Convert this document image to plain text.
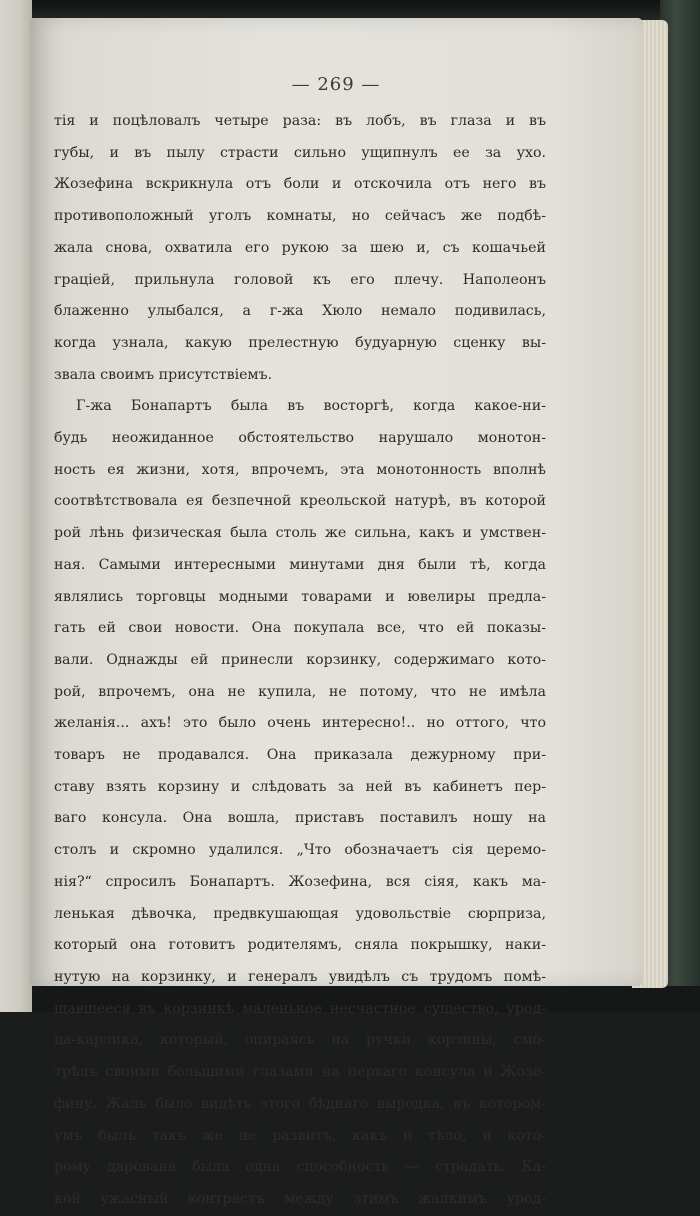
— 269 —
тія и поцѣловалъ четыре раза: въ лобъ, въ глаза и въ
губы, и въ пылу страсти сильно ущипнулъ ее за ухо.
Жозефина вскрикнула отъ боли и отскочила отъ него въ
противоположный уголъ комнаты, но сейчасъ же подбѣ-
жала снова, охватила его рукою за шею и, съ кошачьей
граціей, прильнула головой къ его плечу. Наполеонъ
блаженно улыбался, а г-жа Хюло немало подивилась,
когда узнала, какую прелестную будуарную сценку вы-
звала своимъ присутствіемъ.
Г-жа Бонапартъ была въ восторгѣ, когда какое-ни-
будь неожиданное обстоятельство нарушало монотон-
ность ея жизни, хотя, впрочемъ, эта монотонность вполнѣ
соотвѣтствовала ея безпечной креольской натурѣ, въ которой
рой лѣнь физическая была столь же сильна, какъ и умствен-
ная. Самыми интересными минутами дня были тѣ, когда
являлись торговцы модными товарами и ювелиры предла-
гать ей свои новости. Она покупала все, что ей показы-
вали. Однажды ей принесли корзинку, содержимаго кото-
рой, впрочемъ, она не купила, не потому, что не имѣла
желанія... ахъ! это было очень интересно!.. но оттого, что
товаръ не продавался. Она приказала дежурному при-
ставу взять корзину и слѣдовать за ней въ кабинетъ пер-
ваго консула. Она вошла, приставъ поставилъ ношу на
столъ и скромно удалился. „Что обозначаетъ сія церемо-
нія?“ спросилъ Бонапартъ. Жозефина, вся сіяя, какъ ма-
ленькая дѣвочка, предвкушающая удовольствіе сюрприза,
который она готовитъ родителямъ, сняла покрышку, наки-
нутую на корзинку, и генералъ увидѣлъ съ трудомъ помѣ-
щавшееся въ корзинкѣ маленькое несчастное существо, урод-
ца-карлика, который, опираясь на ручки корзины, смо-
трѣлъ своими большими глазами на перваго консула и Жозе-
фину. Жаль было видѣть этого бѣднаго выродка, въ котором-
умъ былъ такъ же не развитъ, какъ и тѣло, и кото-
рому дарована была одна способность — страдать. Ка-
кой ужасный контрастъ между этимъ жалкимъ урод-
